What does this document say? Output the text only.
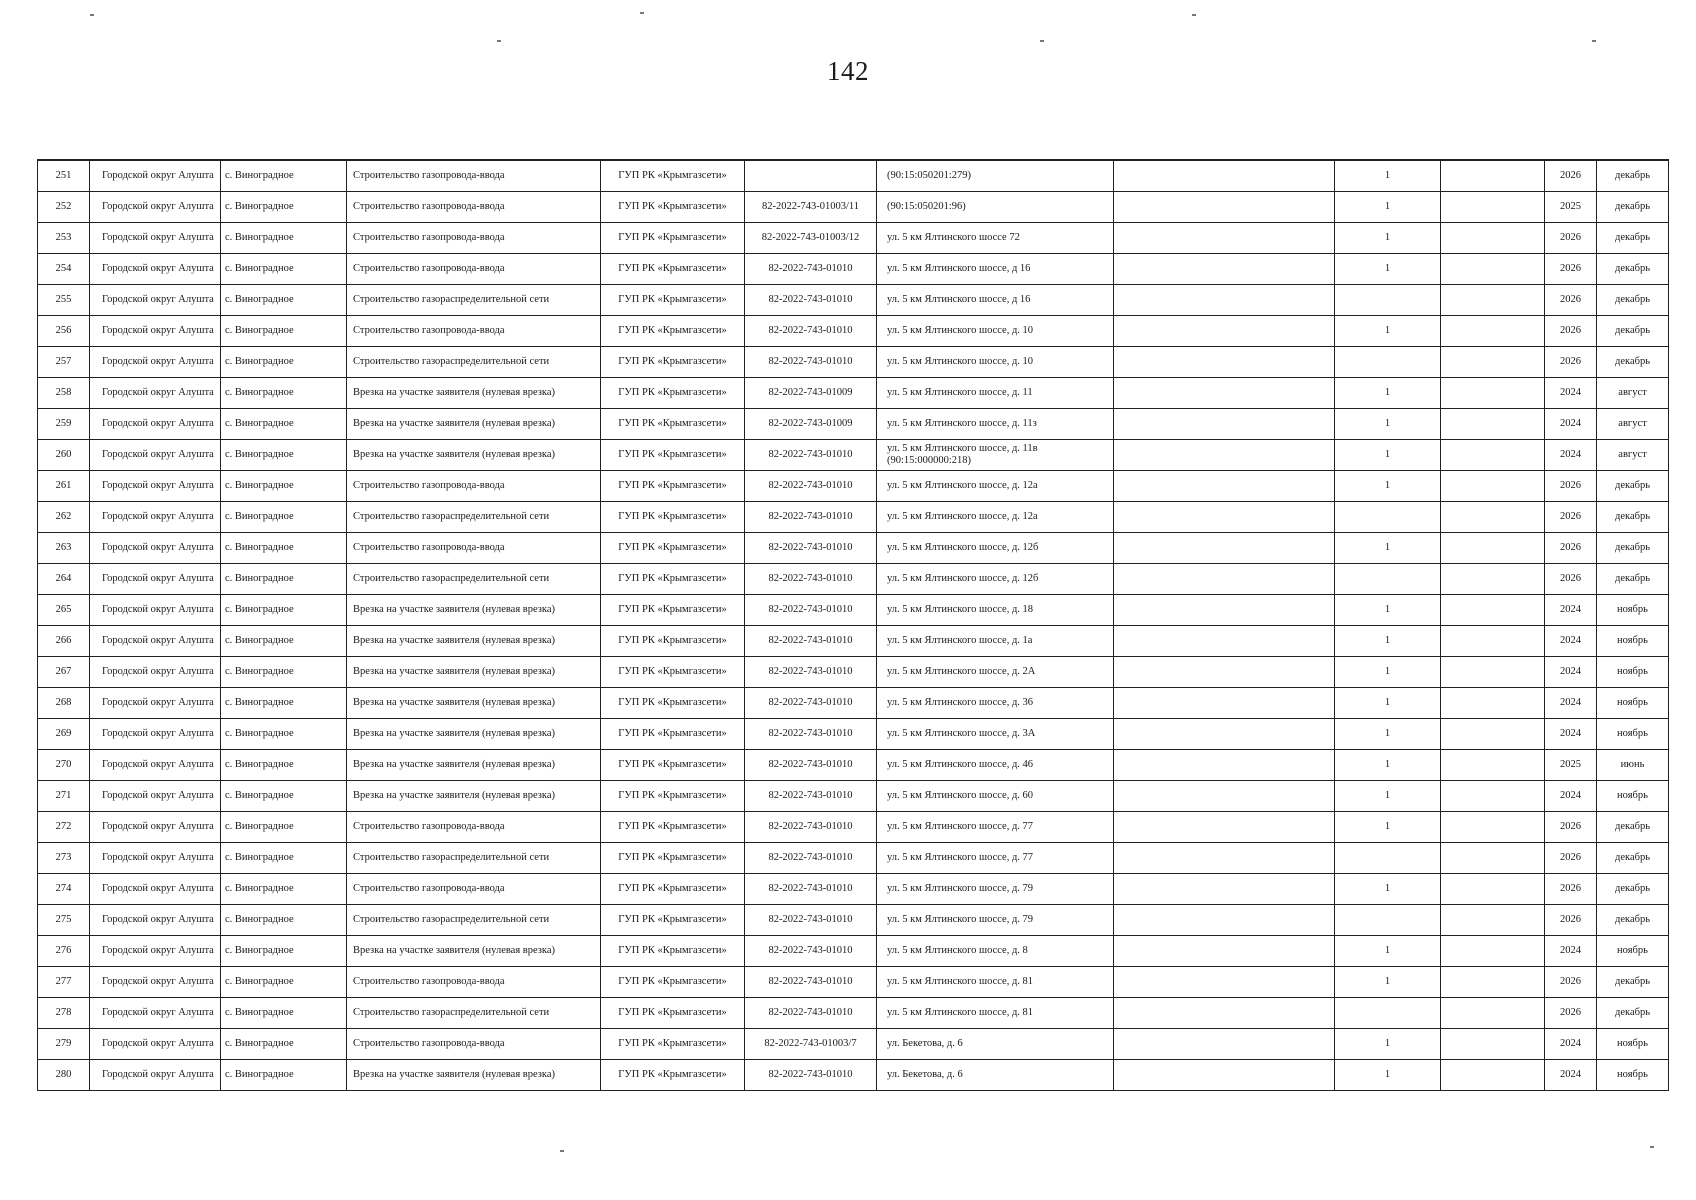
142
251	Городской округ Алушта	с. Виноградное	Строительство газопровода-ввода	ГУП РК «Крымгазсети»		(90:15:050201:279)		1		2026	декабрь
252	Городской округ Алушта	с. Виноградное	Строительство газопровода-ввода	ГУП РК «Крымгазсети»	82-2022-743-01003/11	(90:15:050201:96)		1		2025	декабрь
253	Городской округ Алушта	с. Виноградное	Строительство газопровода-ввода	ГУП РК «Крымгазсети»	82-2022-743-01003/12	ул. 5 км Ялтинского шоссе 72		1		2026	декабрь
254	Городской округ Алушта	с. Виноградное	Строительство газопровода-ввода	ГУП РК «Крымгазсети»	82-2022-743-01010	ул. 5 км Ялтинского шоссе, д 16		1		2026	декабрь
255	Городской округ Алушта	с. Виноградное	Строительство газораспределительной сети	ГУП РК «Крымгазсети»	82-2022-743-01010	ул. 5 км Ялтинского шоссе, д 16				2026	декабрь
256	Городской округ Алушта	с. Виноградное	Строительство газопровода-ввода	ГУП РК «Крымгазсети»	82-2022-743-01010	ул. 5 км Ялтинского шоссе, д. 10		1		2026	декабрь
257	Городской округ Алушта	с. Виноградное	Строительство газораспределительной сети	ГУП РК «Крымгазсети»	82-2022-743-01010	ул. 5 км Ялтинского шоссе, д. 10				2026	декабрь
258	Городской округ Алушта	с. Виноградное	Врезка на участке заявителя (нулевая врезка)	ГУП РК «Крымгазсети»	82-2022-743-01009	ул. 5 км Ялтинского шоссе, д. 11		1		2024	август
259	Городской округ Алушта	с. Виноградное	Врезка на участке заявителя (нулевая врезка)	ГУП РК «Крымгазсети»	82-2022-743-01009	ул. 5 км Ялтинского шоссе, д. 11з		1		2024	август
260	Городской округ Алушта	с. Виноградное	Врезка на участке заявителя (нулевая врезка)	ГУП РК «Крымгазсети»	82-2022-743-01010	ул. 5 км Ялтинского шоссе, д. 11в (90:15:000000:218)		1		2024	август
261	Городской округ Алушта	с. Виноградное	Строительство газопровода-ввода	ГУП РК «Крымгазсети»	82-2022-743-01010	ул. 5 км Ялтинского шоссе, д. 12а		1		2026	декабрь
262	Городской округ Алушта	с. Виноградное	Строительство газораспределительной сети	ГУП РК «Крымгазсети»	82-2022-743-01010	ул. 5 км Ялтинского шоссе, д. 12а				2026	декабрь
263	Городской округ Алушта	с. Виноградное	Строительство газопровода-ввода	ГУП РК «Крымгазсети»	82-2022-743-01010	ул. 5 км Ялтинского шоссе, д. 12б		1		2026	декабрь
264	Городской округ Алушта	с. Виноградное	Строительство газораспределительной сети	ГУП РК «Крымгазсети»	82-2022-743-01010	ул. 5 км Ялтинского шоссе, д. 12б				2026	декабрь
265	Городской округ Алушта	с. Виноградное	Врезка на участке заявителя (нулевая врезка)	ГУП РК «Крымгазсети»	82-2022-743-01010	ул. 5 км Ялтинского шоссе, д. 18		1		2024	ноябрь
266	Городской округ Алушта	с. Виноградное	Врезка на участке заявителя (нулевая врезка)	ГУП РК «Крымгазсети»	82-2022-743-01010	ул. 5 км Ялтинского шоссе, д. 1а		1		2024	ноябрь
267	Городской округ Алушта	с. Виноградное	Врезка на участке заявителя (нулевая врезка)	ГУП РК «Крымгазсети»	82-2022-743-01010	ул. 5 км Ялтинского шоссе, д. 2А		1		2024	ноябрь
268	Городской округ Алушта	с. Виноградное	Врезка на участке заявителя (нулевая врезка)	ГУП РК «Крымгазсети»	82-2022-743-01010	ул. 5 км Ялтинского шоссе, д. 36		1		2024	ноябрь
269	Городской округ Алушта	с. Виноградное	Врезка на участке заявителя (нулевая врезка)	ГУП РК «Крымгазсети»	82-2022-743-01010	ул. 5 км Ялтинского шоссе, д. 3А		1		2024	ноябрь
270	Городской округ Алушта	с. Виноградное	Врезка на участке заявителя (нулевая врезка)	ГУП РК «Крымгазсети»	82-2022-743-01010	ул. 5 км Ялтинского шоссе, д. 46		1		2025	июнь
271	Городской округ Алушта	с. Виноградное	Врезка на участке заявителя (нулевая врезка)	ГУП РК «Крымгазсети»	82-2022-743-01010	ул. 5 км Ялтинского шоссе, д. 60		1		2024	ноябрь
272	Городской округ Алушта	с. Виноградное	Строительство газопровода-ввода	ГУП РК «Крымгазсети»	82-2022-743-01010	ул. 5 км Ялтинского шоссе, д. 77		1		2026	декабрь
273	Городской округ Алушта	с. Виноградное	Строительство газораспределительной сети	ГУП РК «Крымгазсети»	82-2022-743-01010	ул. 5 км Ялтинского шоссе, д. 77				2026	декабрь
274	Городской округ Алушта	с. Виноградное	Строительство газопровода-ввода	ГУП РК «Крымгазсети»	82-2022-743-01010	ул. 5 км Ялтинского шоссе, д. 79		1		2026	декабрь
275	Городской округ Алушта	с. Виноградное	Строительство газораспределительной сети	ГУП РК «Крымгазсети»	82-2022-743-01010	ул. 5 км Ялтинского шоссе, д. 79				2026	декабрь
276	Городской округ Алушта	с. Виноградное	Врезка на участке заявителя (нулевая врезка)	ГУП РК «Крымгазсети»	82-2022-743-01010	ул. 5 км Ялтинского шоссе, д. 8		1		2024	ноябрь
277	Городской округ Алушта	с. Виноградное	Строительство газопровода-ввода	ГУП РК «Крымгазсети»	82-2022-743-01010	ул. 5 км Ялтинского шоссе, д. 81		1		2026	декабрь
278	Городской округ Алушта	с. Виноградное	Строительство газораспределительной сети	ГУП РК «Крымгазсети»	82-2022-743-01010	ул. 5 км Ялтинского шоссе, д. 81				2026	декабрь
279	Городской округ Алушта	с. Виноградное	Строительство газопровода-ввода	ГУП РК «Крымгазсети»	82-2022-743-01003/7	ул. Бекетова, д. 6		1		2024	ноябрь
280	Городской округ Алушта	с. Виноградное	Врезка на участке заявителя (нулевая врезка)	ГУП РК «Крымгазсети»	82-2022-743-01010	ул. Бекетова, д. 6		1		2024	ноябрь
